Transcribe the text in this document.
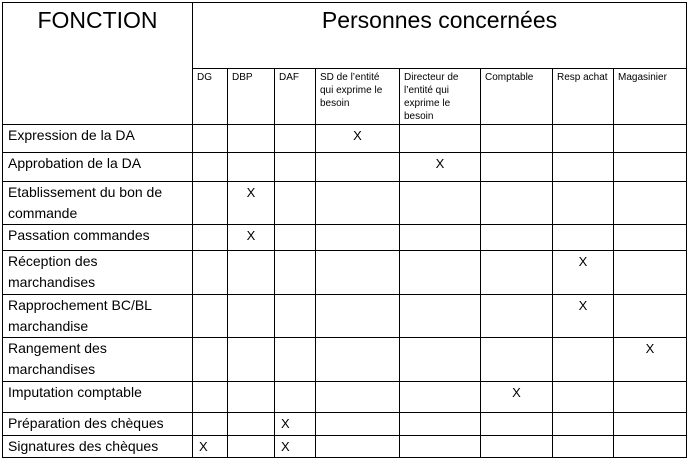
FONCTION	Personnes concernées							
	DG	DBP	DAF	SD de l’entité qui exprime le besoin	Directeur de l’entité qui exprime le besoin	Comptable	Resp achat	Magasinier
Expression de la DA				X				
Approbation de la DA					X			
Etablissement du bon de commande		X						
Passation commandes		X						
Réception des marchandises							X	
Rapprochement BC/BL marchandise							X	
Rangement des marchandises								X
Imputation comptable						X		
Préparation des chèques			X					
Signatures des chèques	X		X					
